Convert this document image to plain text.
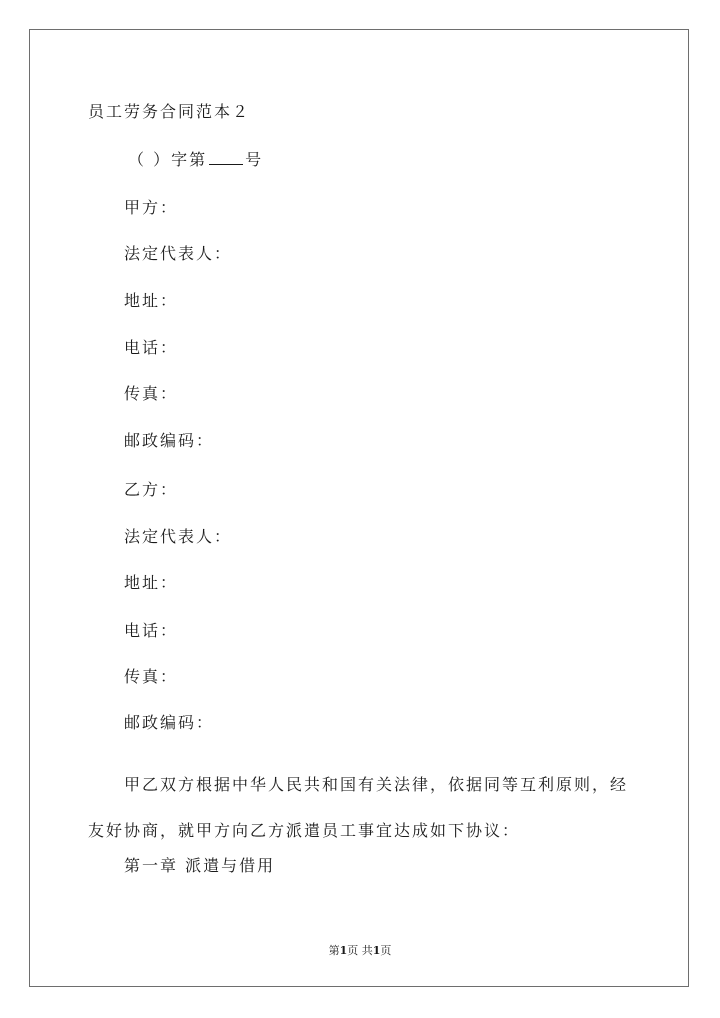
员工劳务合同范本２
（ ）字第 号
甲方：
法定代表人：
地址：
电话：
传真：
邮政编码：
乙方：
法定代表人：
地址：
电话：
传真：
邮政编码：
甲乙双方根据中华人民共和国有关法律，依据同等互利原则，经友好协商，就甲方向乙方派遣员工事宜达成如下协议：
第一章 派遣与借用
第1页 共1页
